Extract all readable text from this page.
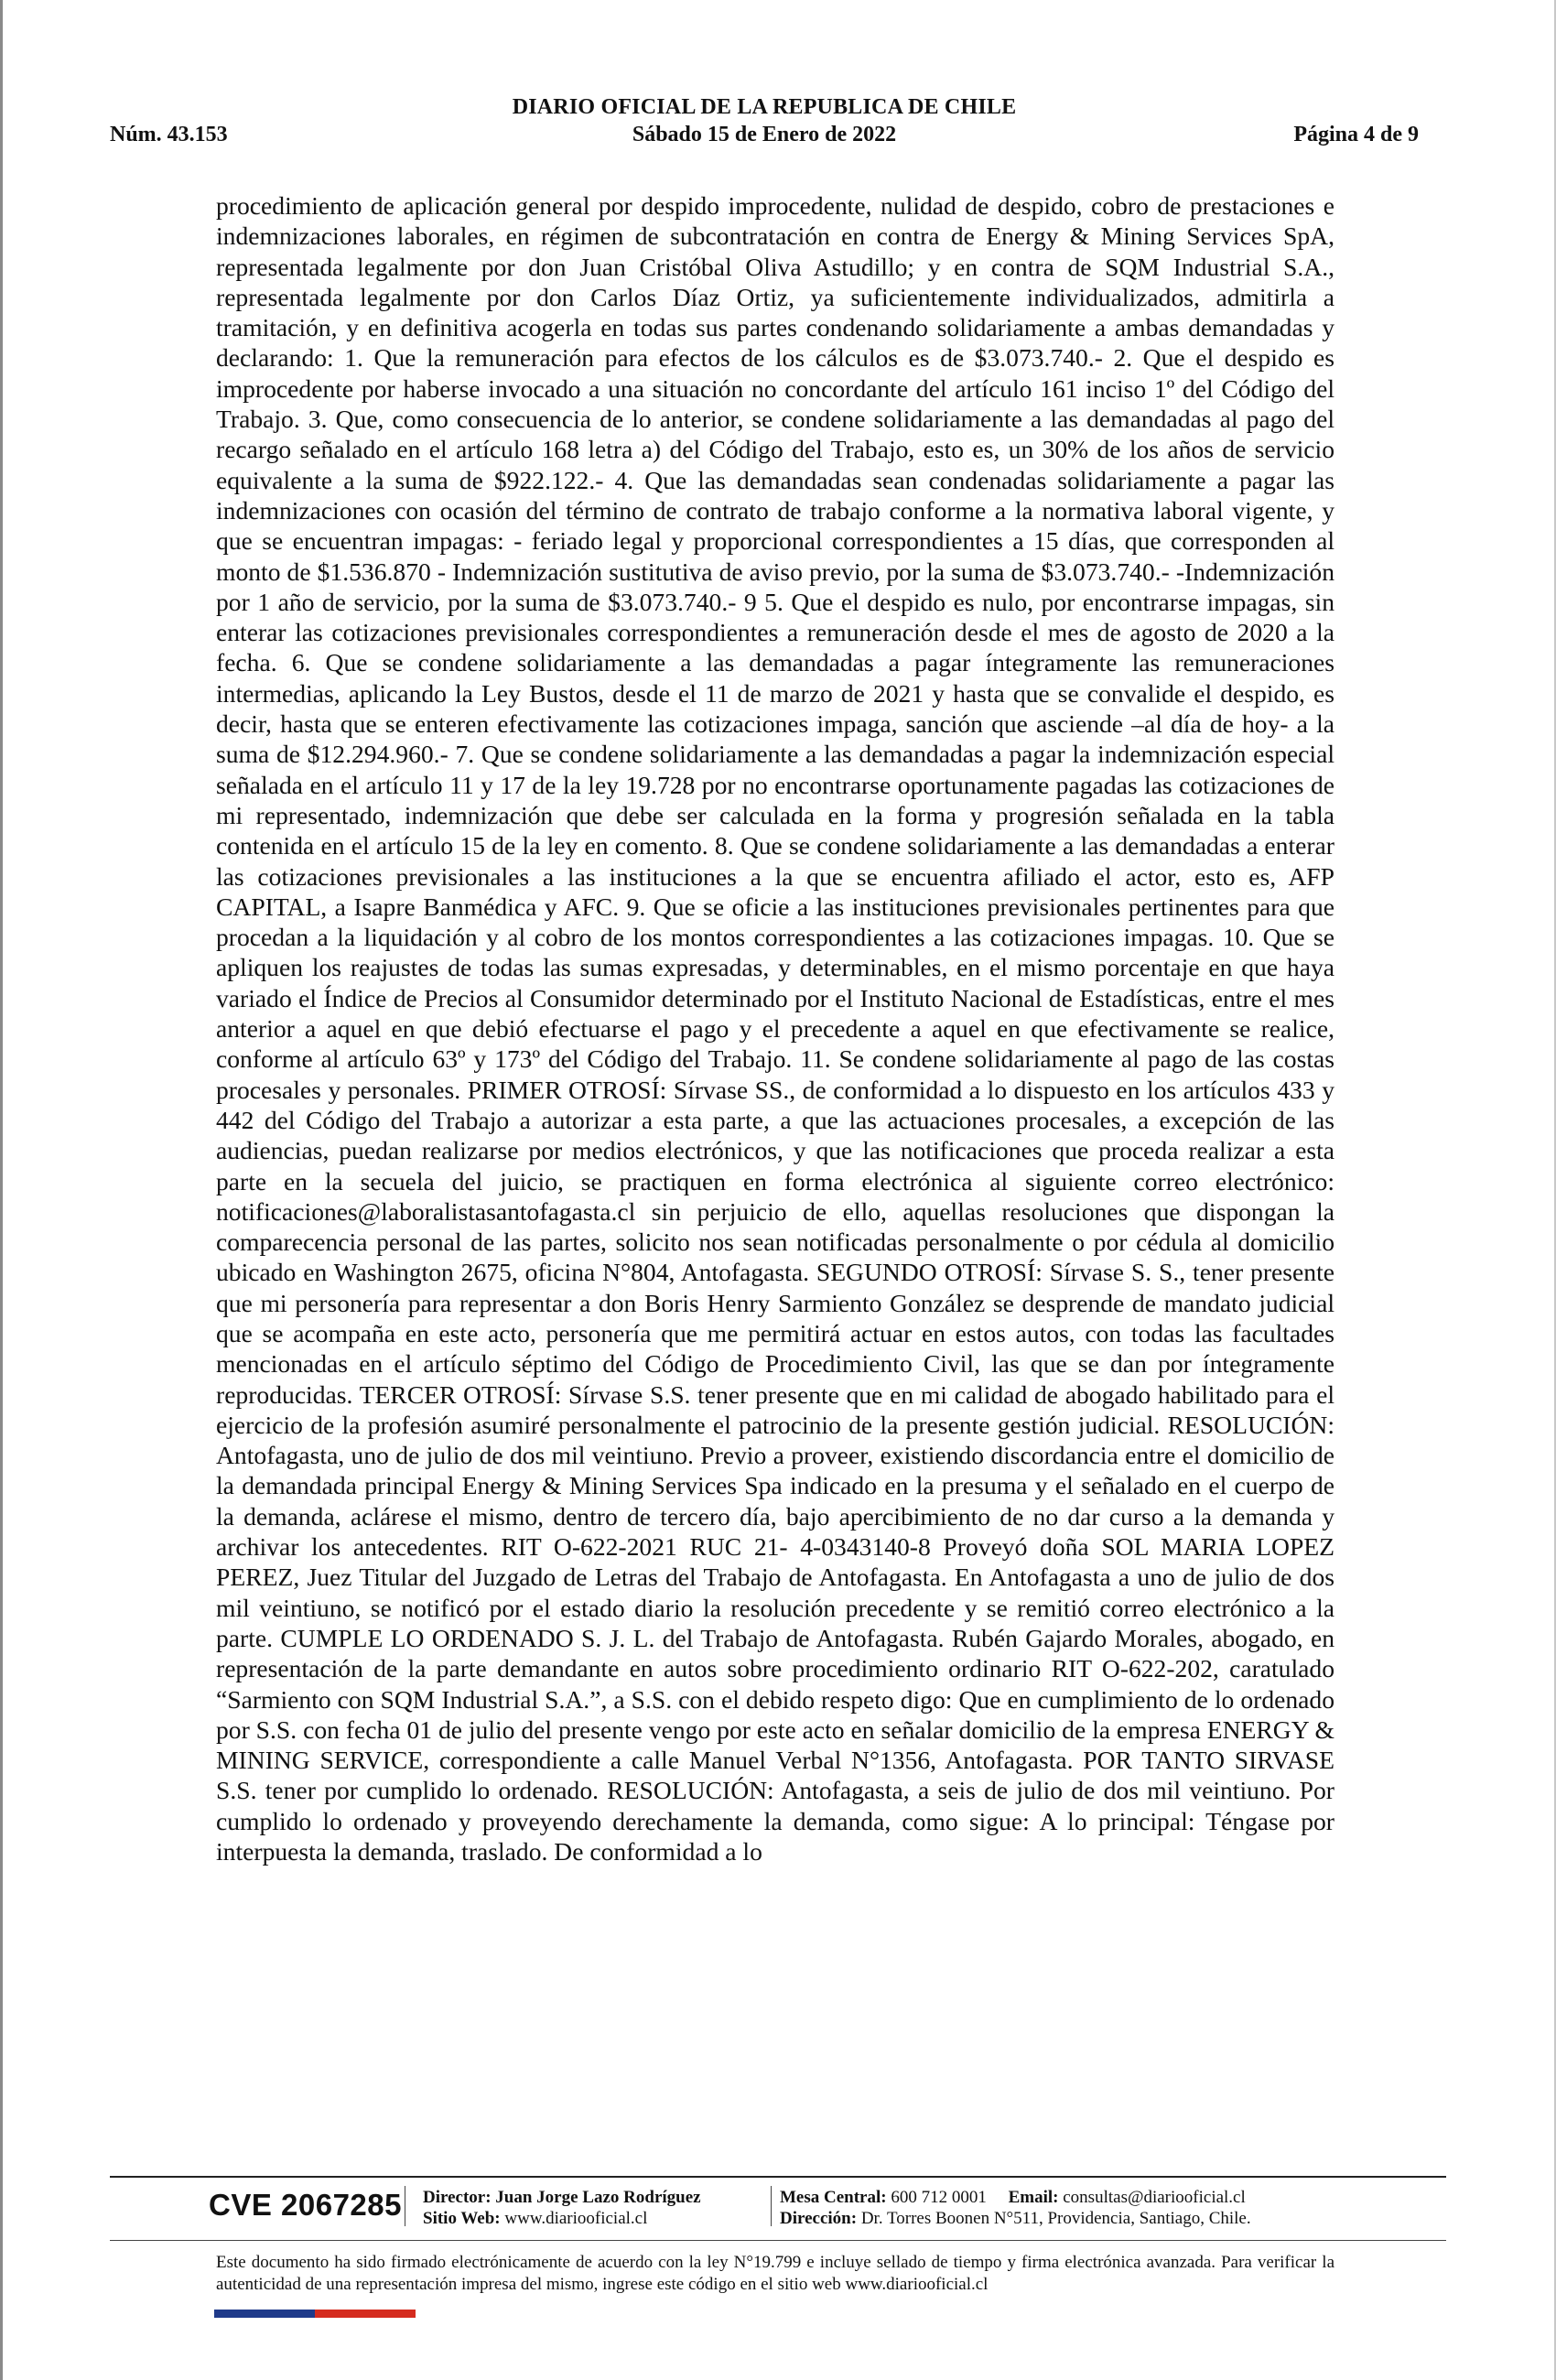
DIARIO OFICIAL DE LA REPUBLICA DE CHILE
Núm. 43.153	Sábado 15 de Enero de 2022	Página 4 de 9

procedimiento de aplicación general por despido improcedente, nulidad de despido, cobro de prestaciones e indemnizaciones laborales, en régimen de subcontratación en contra de Energy & Mining Services SpA, representada legalmente por don Juan Cristóbal Oliva Astudillo; y en contra de SQM Industrial S.A., representada legalmente por don Carlos Díaz Ortiz, ya suficientemente individualizados, admitirla a tramitación, y en definitiva acogerla en todas sus partes condenando solidariamente a ambas demandadas y declarando: 1. Que la remuneración para efectos de los cálculos es de $3.073.740.- 2. Que el despido es improcedente por haberse invocado a una situación no concordante del artículo 161 inciso 1º del Código del Trabajo. 3. Que, como consecuencia de lo anterior, se condene solidariamente a las demandadas al pago del recargo señalado en el artículo 168 letra a) del Código del Trabajo, esto es, un 30% de los años de servicio equivalente a la suma de $922.122.- 4. Que las demandadas sean condenadas solidariamente a pagar las indemnizaciones con ocasión del término de contrato de trabajo conforme a la normativa laboral vigente, y que se encuentran impagas: - feriado legal y proporcional correspondientes a 15 días, que corresponden al monto de $1.536.870 - Indemnización sustitutiva de aviso previo, por la suma de $3.073.740.- -Indemnización por 1 año de servicio, por la suma de $3.073.740.- 9 5. Que el despido es nulo, por encontrarse impagas, sin enterar las cotizaciones previsionales correspondientes a remuneración desde el mes de agosto de 2020 a la fecha. 6. Que se condene solidariamente a las demandadas a pagar íntegramente las remuneraciones intermedias, aplicando la Ley Bustos, desde el 11 de marzo de 2021 y hasta que se convalide el despido, es decir, hasta que se enteren efectivamente las cotizaciones impaga, sanción que asciende –al día de hoy- a la suma de $12.294.960.- 7. Que se condene solidariamente a las demandadas a pagar la indemnización especial señalada en el artículo 11 y 17 de la ley 19.728 por no encontrarse oportunamente pagadas las cotizaciones de mi representado, indemnización que debe ser calculada en la forma y progresión señalada en la tabla contenida en el artículo 15 de la ley en comento. 8. Que se condene solidariamente a las demandadas a enterar las cotizaciones previsionales a las instituciones a la que se encuentra afiliado el actor, esto es, AFP CAPITAL, a Isapre Banmédica y AFC. 9. Que se oficie a las instituciones previsionales pertinentes para que procedan a la liquidación y al cobro de los montos correspondientes a las cotizaciones impagas. 10. Que se apliquen los reajustes de todas las sumas expresadas, y determinables, en el mismo porcentaje en que haya variado el Índice de Precios al Consumidor determinado por el Instituto Nacional de Estadísticas, entre el mes anterior a aquel en que debió efectuarse el pago y el precedente a aquel en que efectivamente se realice, conforme al artículo 63º y 173º del Código del Trabajo. 11. Se condene solidariamente al pago de las costas procesales y personales. PRIMER OTROSÍ: Sírvase SS., de conformidad a lo dispuesto en los artículos 433 y 442 del Código del Trabajo a autorizar a esta parte, a que las actuaciones procesales, a excepción de las audiencias, puedan realizarse por medios electrónicos, y que las notificaciones que proceda realizar a esta parte en la secuela del juicio, se practiquen en forma electrónica al siguiente correo electrónico: notificaciones@laboralistasantofagasta.cl sin perjuicio de ello, aquellas resoluciones que dispongan la comparecencia personal de las partes, solicito nos sean notificadas personalmente o por cédula al domicilio ubicado en Washington 2675, oficina N°804, Antofagasta. SEGUNDO OTROSÍ: Sírvase S. S., tener presente que mi personería para representar a don Boris Henry Sarmiento González se desprende de mandato judicial que se acompaña en este acto, personería que me permitirá actuar en estos autos, con todas las facultades mencionadas en el artículo séptimo del Código de Procedimiento Civil, las que se dan por íntegramente reproducidas. TERCER OTROSÍ: Sírvase S.S. tener presente que en mi calidad de abogado habilitado para el ejercicio de la profesión asumiré personalmente el patrocinio de la presente gestión judicial. RESOLUCIÓN: Antofagasta, uno de julio de dos mil veintiuno. Previo a proveer, existiendo discordancia entre el domicilio de la demandada principal Energy & Mining Services Spa indicado en la presuma y el señalado en el cuerpo de la demanda, aclárese el mismo, dentro de tercero día, bajo apercibimiento de no dar curso a la demanda y archivar los antecedentes. RIT O-622-2021 RUC 21- 4-0343140-8 Proveyó doña SOL MARIA LOPEZ PEREZ, Juez Titular del Juzgado de Letras del Trabajo de Antofagasta. En Antofagasta a uno de julio de dos mil veintiuno, se notificó por el estado diario la resolución precedente y se remitió correo electrónico a la parte. CUMPLE LO ORDENADO S. J. L. del Trabajo de Antofagasta. Rubén Gajardo Morales, abogado, en representación de la parte demandante en autos sobre procedimiento ordinario RIT O-622-202, caratulado “Sarmiento con SQM Industrial S.A.”, a S.S. con el debido respeto digo: Que en cumplimiento de lo ordenado por S.S. con fecha 01 de julio del presente vengo por este acto en señalar domicilio de la empresa ENERGY & MINING SERVICE, correspondiente a calle Manuel Verbal N°1356, Antofagasta. POR TANTO SIRVASE S.S. tener por cumplido lo ordenado. RESOLUCIÓN: Antofagasta, a seis de julio de dos mil veintiuno. Por cumplido lo ordenado y proveyendo derechamente la demanda, como sigue: A lo principal: Téngase por interpuesta la demanda, traslado. De conformidad a lo

CVE 2067285 Director: Juan Jorge Lazo Rodríguez
Sitio Web: www.diariooficial.cl
Mesa Central: 600 712 0001 Email: consultas@diariooficial.cl
Dirección: Dr. Torres Boonen N°511, Providencia, Santiago, Chile.

Este documento ha sido firmado electrónicamente de acuerdo con la ley N°19.799 e incluye sellado de tiempo y firma electrónica avanzada. Para verificar la autenticidad de una representación impresa del mismo, ingrese este código en el sitio web www.diariooficial.cl
